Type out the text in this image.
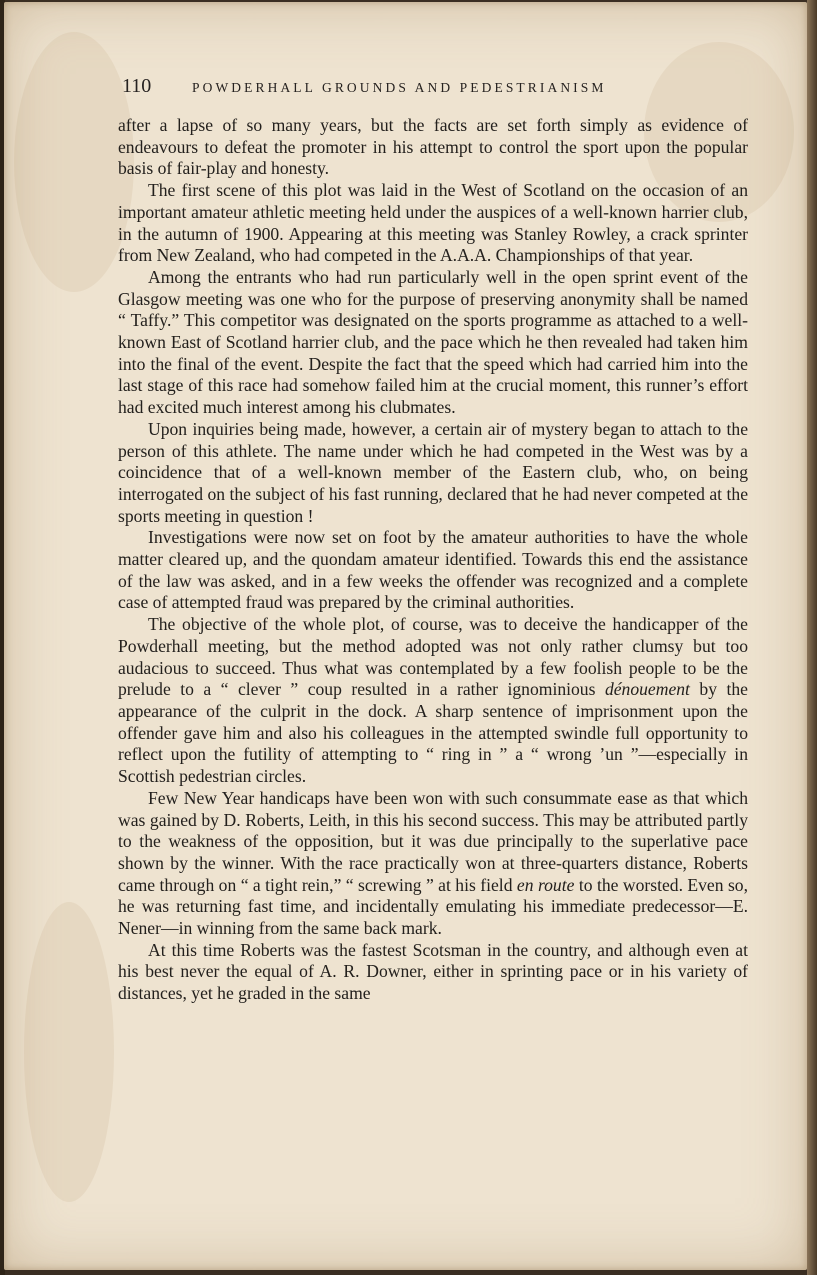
110	POWDERHALL GROUNDS AND PEDESTRIANISM

after a lapse of so many years, but the facts are set forth simply as evidence of endeavours to defeat the promoter in his attempt to control the sport upon the popular basis of fair-play and honesty.

The first scene of this plot was laid in the West of Scotland on the occasion of an important amateur athletic meeting held under the auspices of a well-known harrier club, in the autumn of 1900. Appearing at this meeting was Stanley Rowley, a crack sprinter from New Zealand, who had competed in the A.A.A. Championships of that year.

Among the entrants who had run particularly well in the open sprint event of the Glasgow meeting was one who for the purpose of preserving anonymity shall be named “ Taffy.” This competitor was designated on the sports programme as attached to a well-known East of Scotland harrier club, and the pace which he then revealed had taken him into the final of the event. Despite the fact that the speed which had carried him into the last stage of this race had somehow failed him at the crucial moment, this runner’s effort had excited much interest among his clubmates.

Upon inquiries being made, however, a certain air of mystery began to attach to the person of this athlete. The name under which he had competed in the West was by a coincidence that of a well-known member of the Eastern club, who, on being interrogated on the subject of his fast running, declared that he had never competed at the sports meeting in question !

Investigations were now set on foot by the amateur authorities to have the whole matter cleared up, and the quondam amateur identified. Towards this end the assistance of the law was asked, and in a few weeks the offender was recognized and a complete case of attempted fraud was prepared by the criminal authorities.

The objective of the whole plot, of course, was to deceive the handicapper of the Powderhall meeting, but the method adopted was not only rather clumsy but too audacious to succeed. Thus what was contemplated by a few foolish people to be the prelude to a “ clever ” coup resulted in a rather ignominious dénouement by the appearance of the culprit in the dock. A sharp sentence of imprisonment upon the offender gave him and also his colleagues in the attempted swindle full opportunity to reflect upon the futility of attempting to “ ring in ” a “ wrong ’un ”—especially in Scottish pedestrian circles.

Few New Year handicaps have been won with such consummate ease as that which was gained by D. Roberts, Leith, in this his second success. This may be attributed partly to the weakness of the opposition, but it was due principally to the superlative pace shown by the winner. With the race practically won at three-quarters distance, Roberts came through on “ a tight rein,” “ screwing ” at his field en route to the worsted. Even so, he was returning fast time, and incidentally emulating his immediate predecessor—E. Nener—in winning from the same back mark.

At this time Roberts was the fastest Scotsman in the country, and although even at his best never the equal of A. R. Downer, either in sprinting pace or in his variety of distances, yet he graded in the same
